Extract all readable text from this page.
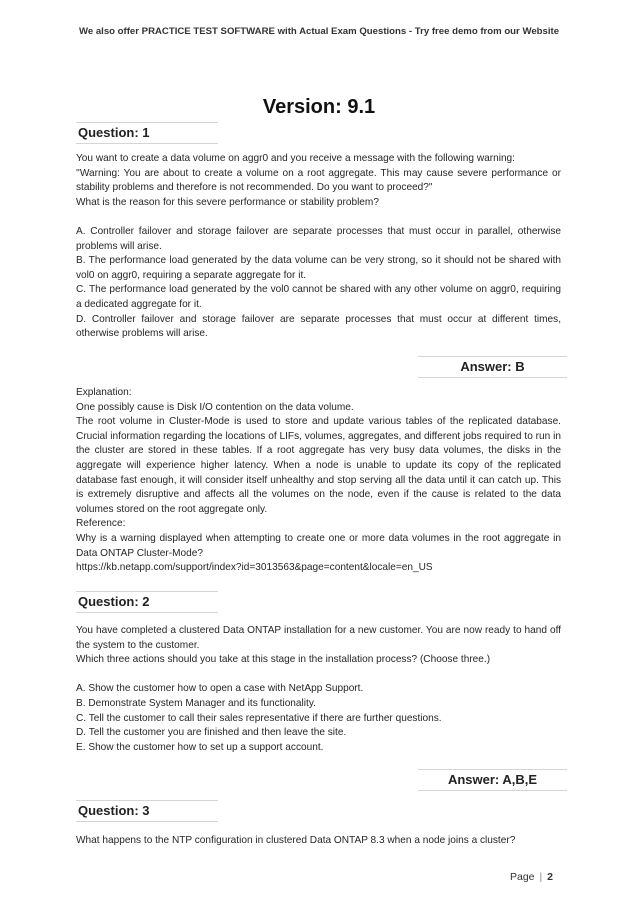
We also offer PRACTICE TEST SOFTWARE with Actual Exam Questions - Try free demo from our Website
Version: 9.1
Question: 1

You want to create a data volume on aggr0 and you receive a message with the following warning:

''Warning: You are about to create a volume on a root aggregate. This may cause severe performance or stability problems and therefore is not recommended. Do you want to proceed?"

What is the reason for this severe performance or stability problem?

A. Controller failover and storage failover are separate processes that must occur in parallel, otherwise problems will arise.

B. The performance load generated by the data volume can be very strong, so it should not be shared with vol0 on aggr0, requiring a separate aggregate for it.

C. The performance load generated by the vol0 cannot be shared with any other volume on aggr0, requiring a dedicated aggregate for it.

D. Controller failover and storage failover are separate processes that must occur at different times, otherwise problems will arise.

Answer: B

Explanation:

One possibly cause is Disk I/O contention on the data volume.

The root volume in Cluster-Mode is used to store and update various tables of the replicated database. Crucial information regarding the locations of LIFs, volumes, aggregates, and different jobs required to run in the cluster are stored in these tables. If a root aggregate has very busy data volumes, the disks in the aggregate will experience higher latency. When a node is unable to update its copy of the replicated database fast enough, it will consider itself unhealthy and stop serving all the data until it can catch up. This is extremely disruptive and affects all the volumes on the node, even if the cause is related to the data volumes stored on the root aggregate only.

Reference:

Why is a warning displayed when attempting to create one or more data volumes in the root aggregate in Data ONTAP Cluster-Mode?

https://kb.netapp.com/support/index?id=3013563&page=content&locale=en_US

Question: 2

You have completed a clustered Data ONTAP installation for a new customer. You are now ready to hand off the system to the customer.

Which three actions should you take at this stage in the installation process? (Choose three.)

A. Show the customer how to open a case with NetApp Support.

B. Demonstrate System Manager and its functionality.

C. Tell the customer to call their sales representative if there are further questions.

D. Tell the customer you are finished and then leave the site.

E. Show the customer how to set up a support account.

Answer: A,B,E
Question: 3

What happens to the NTP configuration in clustered Data ONTAP 8.3 when a node joins a cluster?

Page | 2
